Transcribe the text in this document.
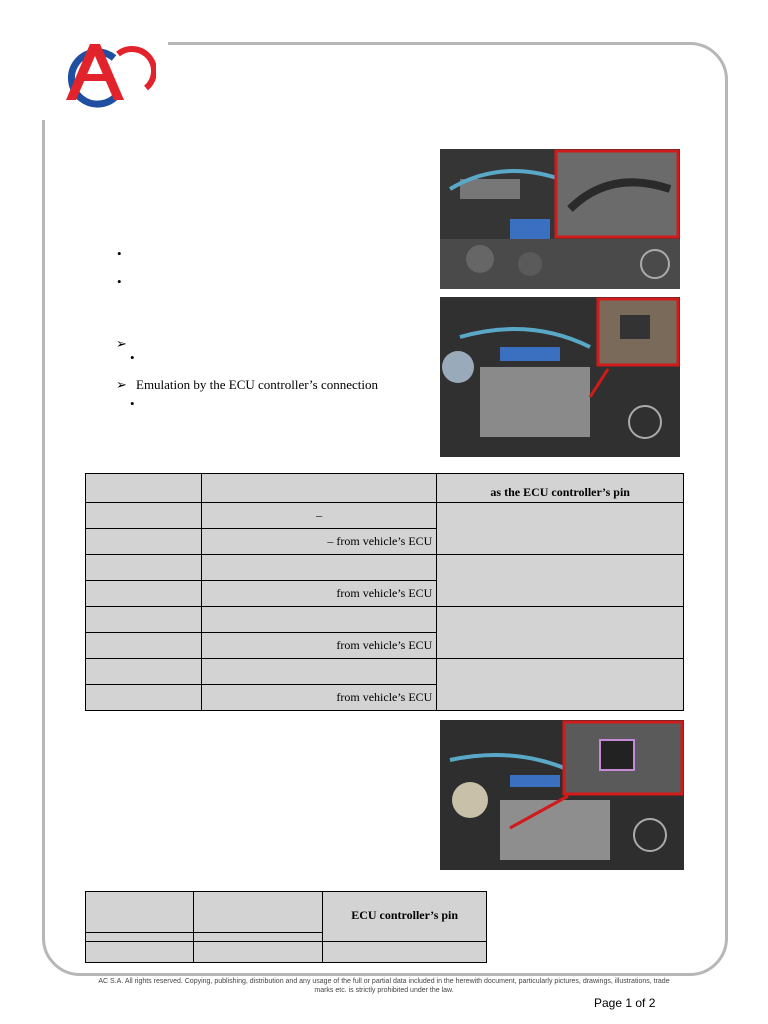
•
•
➢
•
➢ Emulation by the ECU controller’s connection
•
		as the ECU controller’s pin
	–	
	– from vehicle’s ECU	

	from vehicle’s ECU	

	from vehicle’s ECU	

	from vehicle’s ECU	
		ECU controller’s pin

AC S.A. All rights reserved. Copying, publishing, distribution and any usage of the full or partial data included in the herewith document, particularly pictures, drawings, illustrations, trade marks etc. is strictly prohibited under the law.
Page 1 of 2
